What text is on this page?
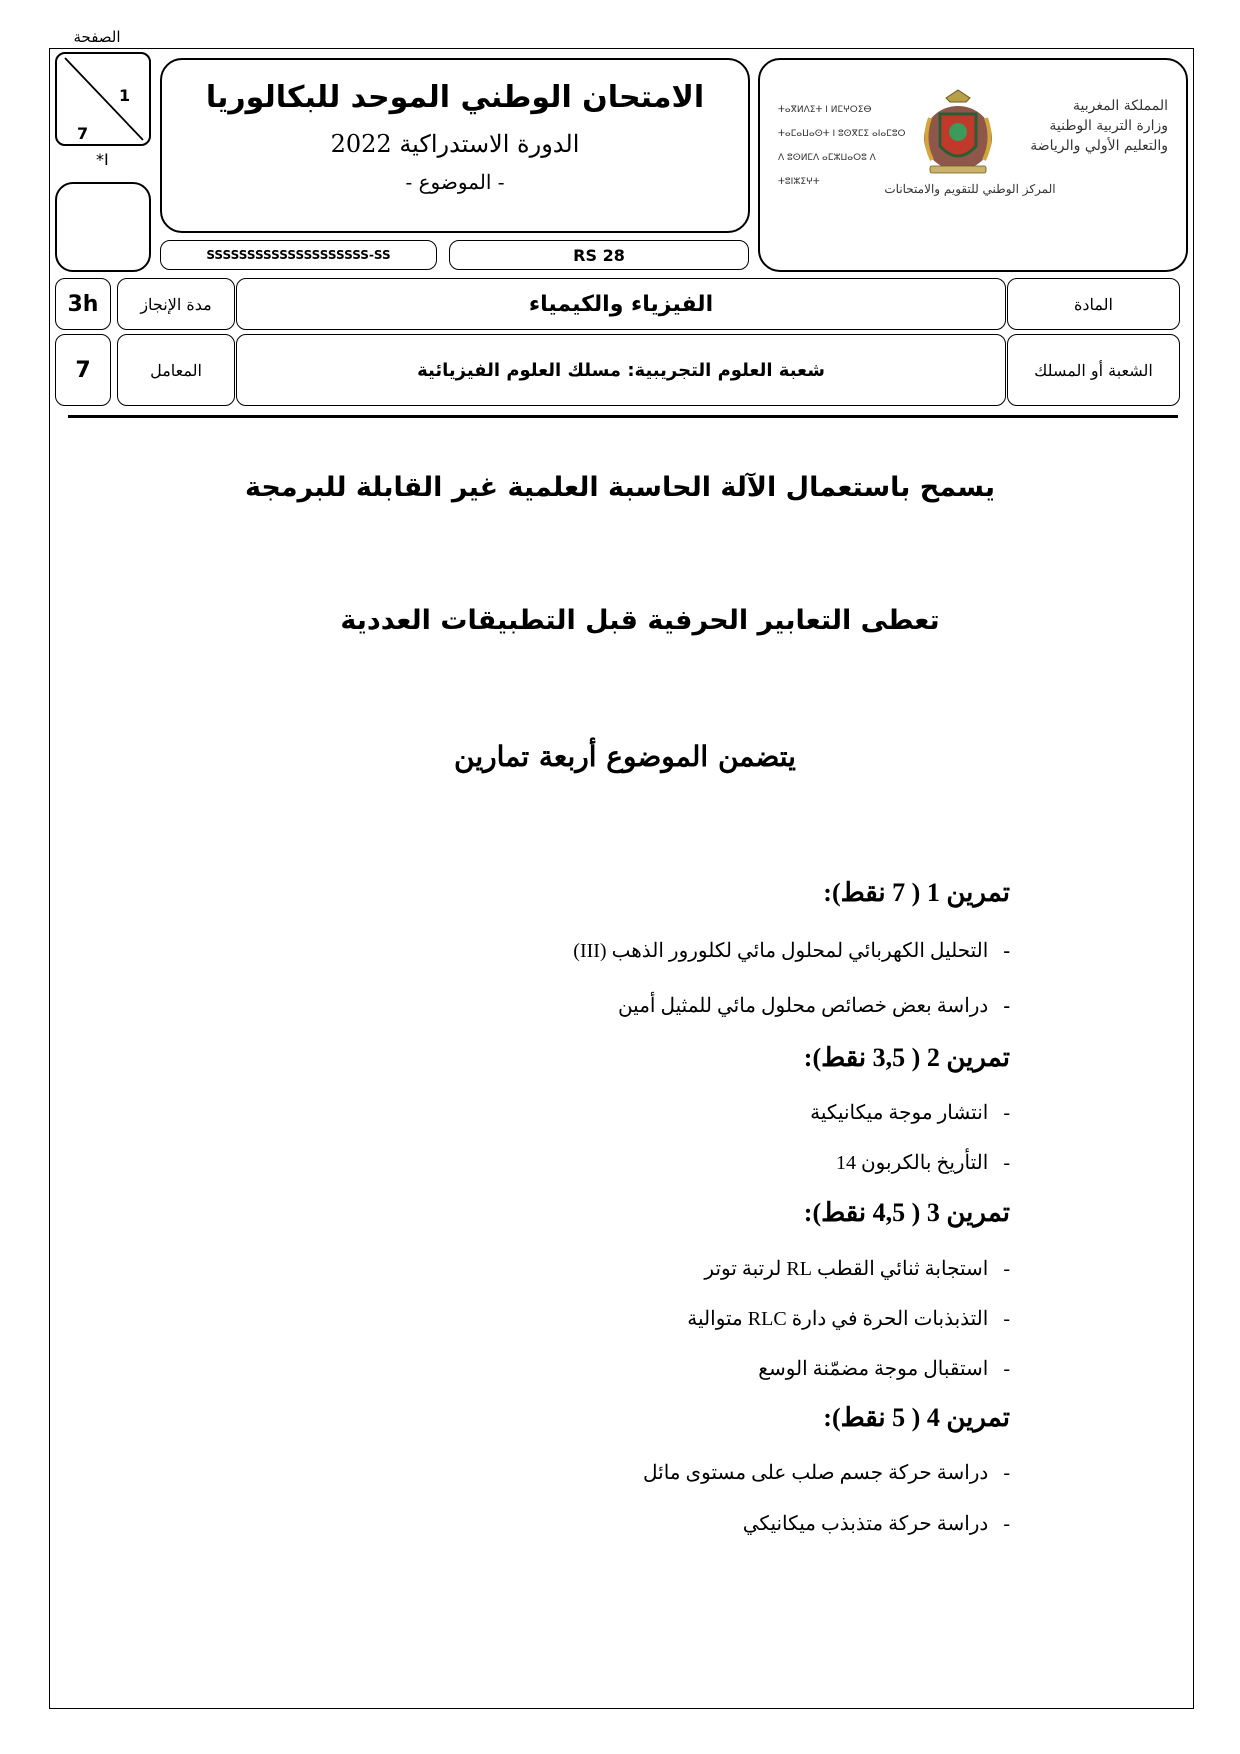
الصفحة
1
7
*I
الامتحان الوطني الموحد للبكالوريا
الدورة الاستدراكية 2022
- الموضوع -
SSSSSSSSSSSSSSSSSSSS-SS	RS 28
ⵜⴰⴳⵍⴷⵉⵜ ⵏ ⵍⵎⵖⵔⵉⴱ
ⵜⴰⵎⴰⵡⴰⵙⵜ ⵏ ⵓⵙⴳⵎⵉ ⴰⵏⴰⵎⵓⵔ
ⴷ ⵓⵙⵍⵎⴷ ⴰⵎⵣⵡⴰⵔⵓ ⴷ ⵜⵓⵏⵣⵉⵖⵜ
المملكة المغربية
وزارة التربية الوطنية
والتعليم الأولي والرياضة
المركز الوطني للتقويم والامتحانات
3h	مدة الإنجاز	الفيزياء والكيمياء	المادة
7	المعامل	شعبة العلوم التجريبية: مسلك العلوم الفيزيائية	الشعبة أو المسلك
يسمح باستعمال الآلة الحاسبة العلمية غير القابلة للبرمجة
تعطى التعابير الحرفية قبل التطبيقات العددية
يتضمن الموضوع أربعة تمارين
تمرين 1 ( 7 نقط):
-   التحليل الكهربائي لمحلول مائي لكلورور الذهب (III)
-   دراسة بعض خصائص محلول مائي للمثيل أمين
تمرين 2 ( 3,5 نقط):
-   انتشار موجة ميكانيكية
-   التأريخ بالكربون 14
تمرين 3 ( 4,5 نقط):
-   استجابة ثنائي القطب RL لرتبة توتر
-   التذبذبات الحرة في دارة RLC متوالية
-   استقبال موجة مضمّنة الوسع
تمرين 4 ( 5 نقط):
-   دراسة حركة جسم صلب على مستوى مائل
-   دراسة حركة متذبذب ميكانيكي
